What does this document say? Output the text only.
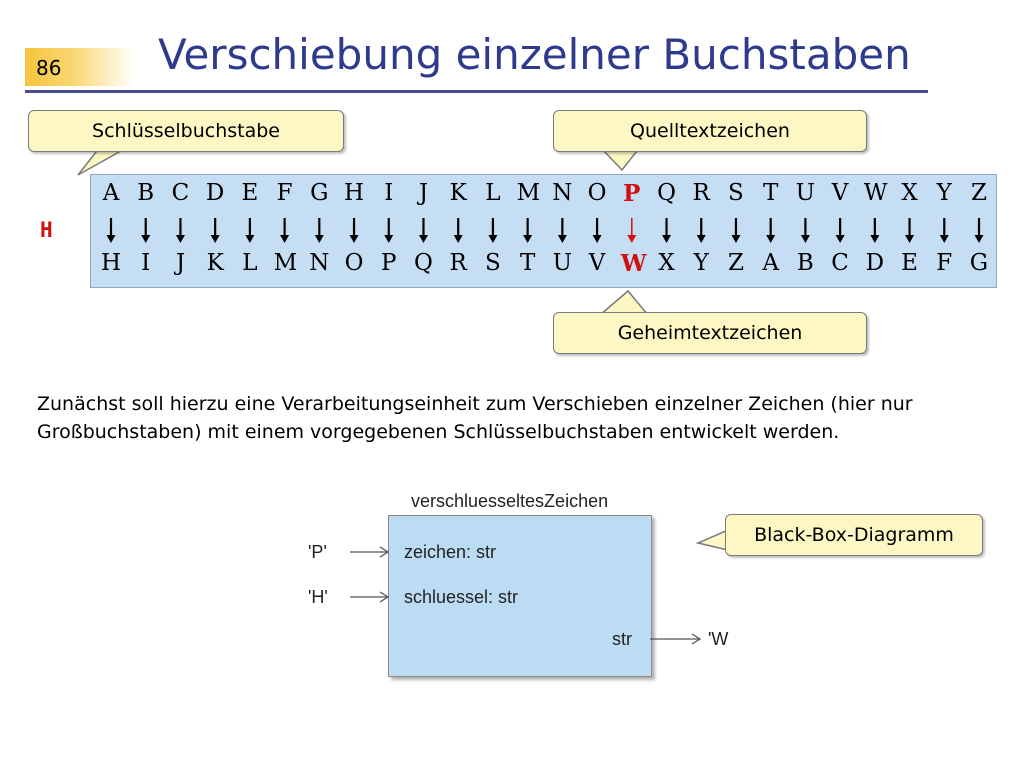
86 Verschiebung einzelner Buchstaben
Schlüsselbuchstabe	Quelltextzeichen
Geheimtextzeichen
Black-Box-Diagramm
H
A B C D E F G H I J K L M N O P Q R S T U V W X Y Z
H I J K L M N O P Q R S T U V W X Y Z A B C D E F G
Zunächst soll hierzu eine Verarbeitungseinheit zum Verschieben einzelner Zeichen (hier nur Großbuchstaben) mit einem vorgegebenen Schlüsselbuchstaben entwickelt werden.
verschluesseltesZeichen
'P'
'H'
zeichen: str
schluessel: str
str	'W
